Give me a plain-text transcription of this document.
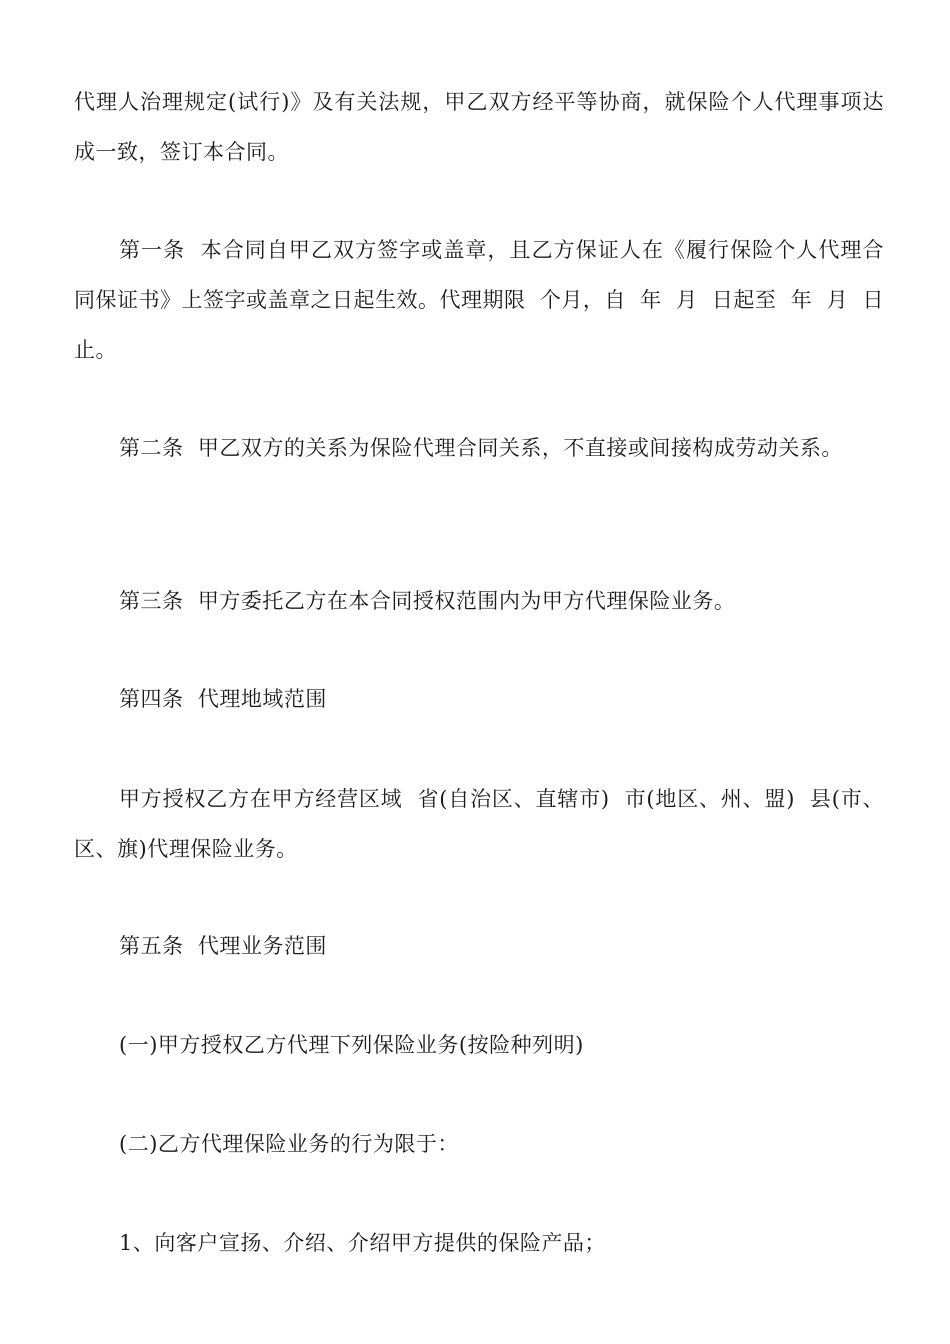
代理人治理规定(试行)》及有关法规，甲乙双方经平等协商，就保险个人代理事项达成一致，签订本合同。

第一条  本合同自甲乙双方签字或盖章，且乙方保证人在《履行保险个人代理合同保证书》上签字或盖章之日起生效。代理期限  个月，自  年  月  日起至  年  月  日止。

第二条  甲乙双方的关系为保险代理合同关系，不直接或间接构成劳动关系。

第三条  甲方委托乙方在本合同授权范围内为甲方代理保险业务。

第四条  代理地域范围

甲方授权乙方在甲方经营区域  省(自治区、直辖市)  市(地区、州、盟)  县(市、区、旗)代理保险业务。

第五条  代理业务范围

(一)甲方授权乙方代理下列保险业务(按险种列明)

(二)乙方代理保险业务的行为限于：

1、向客户宣扬、介绍、介绍甲方提供的保险产品；
